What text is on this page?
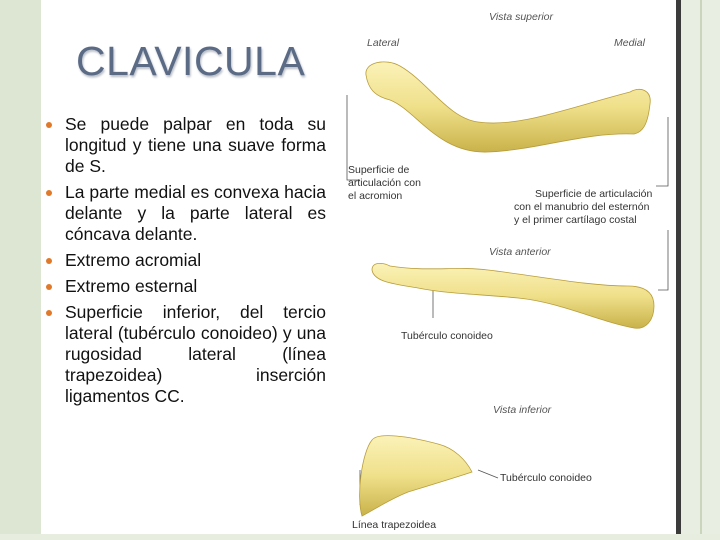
CLAVICULA
Se puede palpar en toda su longitud y tiene una suave forma de S.
La parte medial es convexa hacia delante y la parte lateral es cóncava delante.
Extremo acromial
Extremo esternal
Superficie inferior, del tercio lateral (tubérculo conoideo) y una rugosidad lateral (línea trapezoidea) inserción ligamentos CC.
Vista superior
Lateral	Medial
Superficie de
articulación con
el acromion	Superficie de articulación
con el manubrio del esternón
y el primer cartílago costal
Vista anterior
Tubérculo conoideo
Vista inferior
Tubérculo conoideo
Línea trapezoidea
